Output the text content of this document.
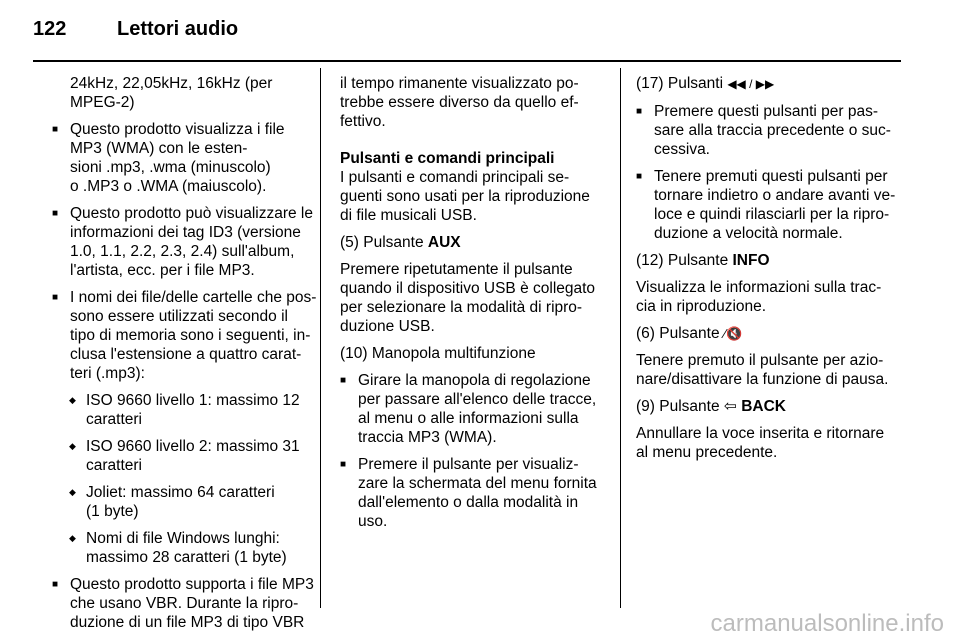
122	Lettori audio
24kHz, 22,05kHz, 16kHz (per
MPEG-2)
■ Questo prodotto visualizza i file
MP3 (WMA) con le esten-
sioni .mp3, .wma (minuscolo)
o .MP3 o .WMA (maiuscolo).
■ Questo prodotto può visualizzare le
informazioni dei tag ID3 (versione
1.0, 1.1, 2.2, 2.3, 2.4) sull'album,
l'artista, ecc. per i file MP3.
■ I nomi dei file/delle cartelle che pos-
sono essere utilizzati secondo il
tipo di memoria sono i seguenti, in-
clusa l'estensione a quattro carat-
teri (.mp3):
◆ ISO 9660 livello 1: massimo 12
caratteri
◆ ISO 9660 livello 2: massimo 31
caratteri
◆ Joliet: massimo 64 caratteri
(1 byte)
◆ Nomi di file Windows lunghi:
massimo 28 caratteri (1 byte)
■ Questo prodotto supporta i file MP3
che usano VBR. Durante la ripro-
duzione di un file MP3 di tipo VBR
il tempo rimanente visualizzato po-
trebbe essere diverso da quello ef-
fettivo.
Pulsanti e comandi principali
I pulsanti e comandi principali se-
guenti sono usati per la riproduzione
di file musicali USB.
(5) Pulsante AUX
Premere ripetutamente il pulsante
quando il dispositivo USB è collegato
per selezionare la modalità di ripro-
duzione USB.
(10) Manopola multifunzione
■ Girare la manopola di regolazione
per passare all'elenco delle tracce,
al menu o alle informazioni sulla
traccia MP3 (WMA).
■ Premere il pulsante per visualiz-
zare la schermata del menu fornita
dall'elemento o dalla modalità in
uso.
(17) Pulsanti ◀◀ / ▶▶
■ Premere questi pulsanti per pas-
sare alla traccia precedente o suc-
cessiva.
■ Tenere premuti questi pulsanti per
tornare indietro o andare avanti ve-
loce e quindi rilasciarli per la ripro-
duzione a velocità normale.
(12) Pulsante INFO
Visualizza le informazioni sulla trac-
cia in riproduzione.
(6) Pulsante ⁄🔇
Tenere premuto il pulsante per azio-
nare/disattivare la funzione di pausa.
(9) Pulsante ⇦ BACK
Annullare la voce inserita e ritornare
al menu precedente.
carmanualsonline.info
